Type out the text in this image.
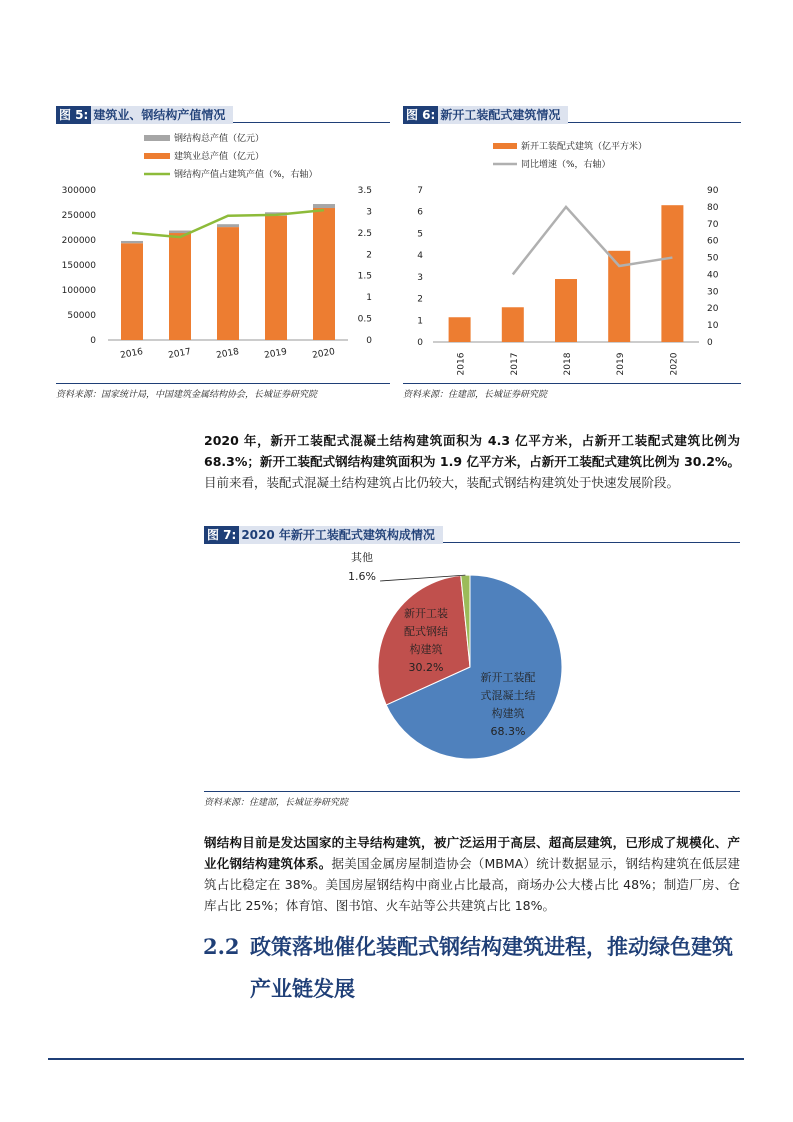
图 5: 建筑业、钢结构产值情况
钢结构总产值（亿元）
建筑业总产值（亿元）
钢结构产值占建筑产值（%，右轴）
0
50000
100000
150000
200000
250000
300000
0
0.5
1
1.5
2
2.5
3
3.5
2016	2017	2018	2019	2020
资料来源：国家统计局，中国建筑金属结构协会，长城证券研究院
图 6: 新开工装配式建筑情况
新开工装配式建筑（亿平方米）
同比增速（%，右轴）
0
1
2
3
4
5
6
7
0
10
20
30
40
50
60
70
80
90
2016	2017	2018	2019	2020
资料来源：住建部，长城证券研究院
2020 年，新开工装配式混凝土结构建筑面积为 4.3 亿平方米，占新开工装配式建筑比例为 68.3%；新开工装配式钢结构建筑面积为 1.9 亿平方米，占新开工装配式建筑比例为 30.2%。目前来看，装配式混凝土结构建筑占比仍较大，装配式钢结构建筑处于快速发展阶段。
图 7: 2020 年新开工装配式建筑构成情况
新开工装配
式混凝土结
构建筑
68.3%
新开工装
配式钢结
构建筑
30.2%
其他
1.6%
资料来源：住建部，长城证券研究院
钢结构目前是发达国家的主导结构建筑，被广泛运用于高层、超高层建筑，已形成了规模化、产业化钢结构建筑体系。据美国金属房屋制造协会（MBMA）统计数据显示，钢结构建筑在低层建筑占比稳定在 38%。美国房屋钢结构中商业占比最高，商场办公大楼占比 48%；制造厂房、仓库占比 25%；体育馆、图书馆、火车站等公共建筑占比 18%。
2.2 政策落地催化装配式钢结构建筑进程，推动绿色建筑
产业链发展
